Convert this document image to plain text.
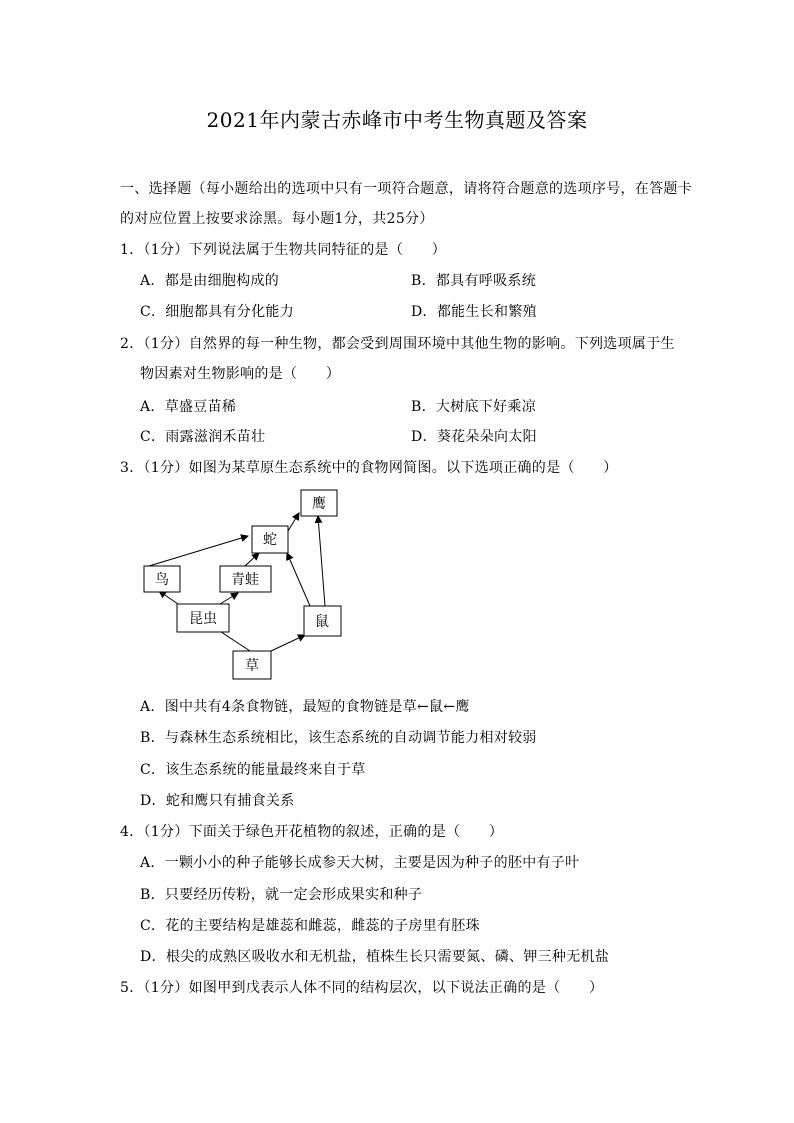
2021年内蒙古赤峰市中考生物真题及答案
一、选择题（每小题给出的选项中只有一项符合题意，请将符合题意的选项序号，在答题卡
的对应位置上按要求涂黑。每小题1分，共25分）
1．（1分）下列说法属于生物共同特征的是（　　）
A．都是由细胞构成的	B．都具有呼吸系统
C．细胞都具有分化能力	D．都能生长和繁殖
2．（1分）自然界的每一种生物，都会受到周围环境中其他生物的影响。下列选项属于生
物因素对生物影响的是（　　）
A．草盛豆苗稀	B．大树底下好乘凉
C．雨露滋润禾苗壮	D．葵花朵朵向太阳
3．（1分）如图为某草原生态系统中的食物网简图。以下选项正确的是（　　）
鹰
蛇
鸟	青蛙
昆虫	鼠
草
A．图中共有4条食物链，最短的食物链是草←鼠←鹰
B．与森林生态系统相比，该生态系统的自动调节能力相对较弱
C．该生态系统的能量最终来自于草
D．蛇和鹰只有捕食关系
4．（1分）下面关于绿色开花植物的叙述，正确的是（　　）
A．一颗小小的种子能够长成参天大树，主要是因为种子的胚中有子叶
B．只要经历传粉，就一定会形成果实和种子
C．花的主要结构是雄蕊和雌蕊，雌蕊的子房里有胚珠
D．根尖的成熟区吸收水和无机盐，植株生长只需要氮、磷、钾三种无机盐
5．（1分）如图甲到戊表示人体不同的结构层次，以下说法正确的是（　　）
